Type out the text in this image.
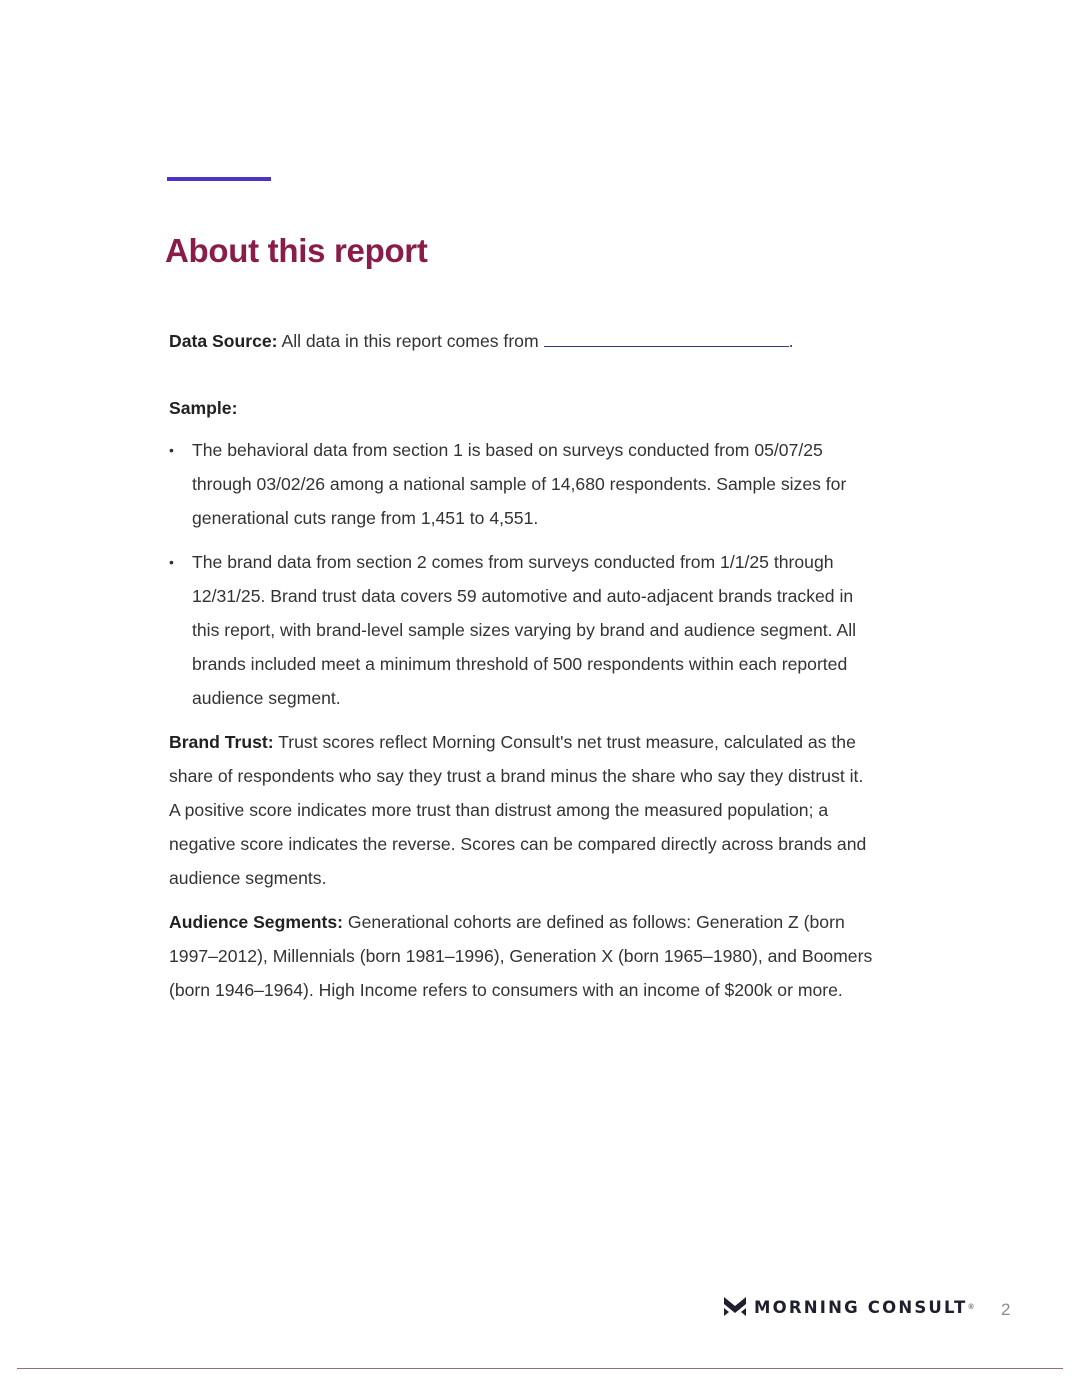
About this report

Data Source: All data in this report comes from	.

Sample:

• The behavioral data from section 1 is based on surveys conducted from 05/07/25 through 03/02/26 among a national sample of 14,680 respondents. Sample sizes for generational cuts range from 1,451 to 4,551.
• The brand data from section 2 comes from surveys conducted from 1/1/25 through 12/31/25. Brand trust data covers 59 automotive and auto-adjacent brands tracked in this report, with brand-level sample sizes varying by brand and audience segment. All brands included meet a minimum threshold of 500 respondents within each reported audience segment.

Brand Trust: Trust scores reflect Morning Consult's net trust measure, calculated as the share of respondents who say they trust a brand minus the share who say they distrust it. A positive score indicates more trust than distrust among the measured population; a negative score indicates the reverse. Scores can be compared directly across brands and audience segments.

Audience Segments: Generational cohorts are defined as follows: Generation Z (born 1997–2012), Millennials (born 1981–1996), Generation X (born 1965–1980), and Boomers (born 1946–1964). High Income refers to consumers with an income of $200k or more.

MORNING CONSULT ® 2
